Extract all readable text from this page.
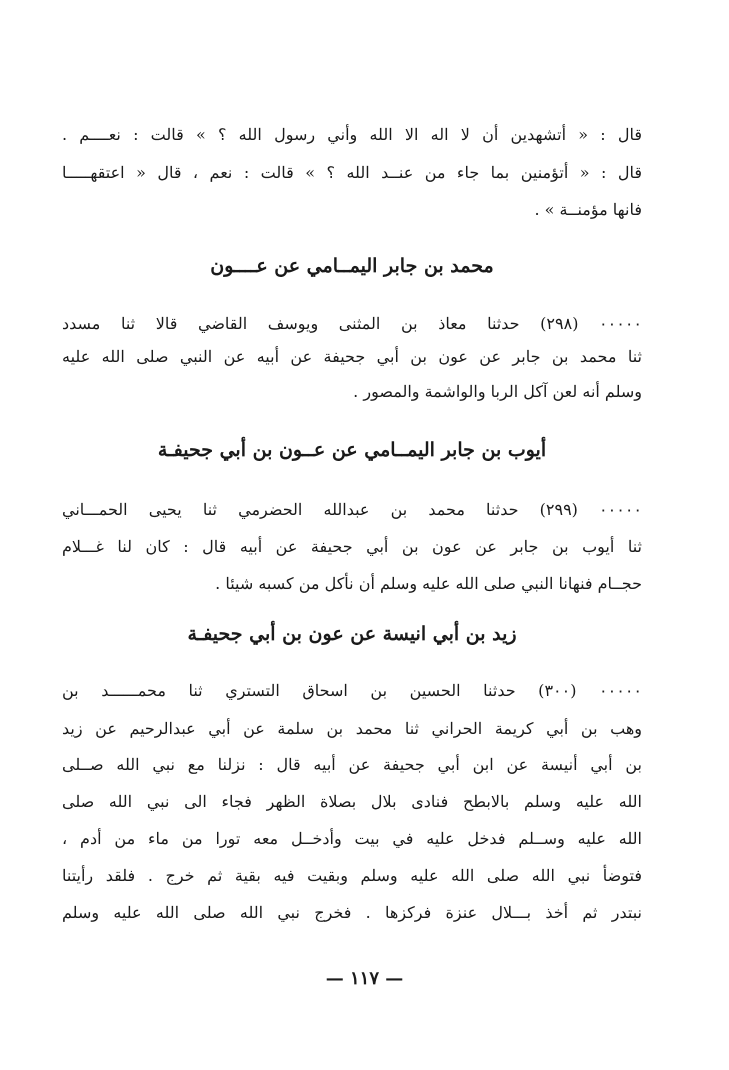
قال : « أتشهدين أن لا اله الا الله وأني رسول الله ؟ » قالت : نعــــم .
قال : « أتؤمنين بما جاء من عنــد الله ؟ » قالت : نعم ، قال « اعتقهـــــا
فانها مؤمنــة » .
محمد بن جابر اليمــامي عن عــــون
٠٠٠٠٠ (٢٩٨) حدثنا معاذ بن المثنى ويوسف القاضي قالا ثنا مسدد
ثنا محمد بن جابر عن عون بن أبي جحيفة عن أبيه عن النبي صلى الله عليه
وسلم أنه لعن آكل الربا والواشمة والمصور .
أيوب بن جابر اليمــامي عن عــون بن أبي جحيفـة
٠٠٠٠٠ (٢٩٩) حدثنا محمد بن عبدالله الحضرمي ثنا يحيى الحمـــاني
ثنا أيوب بن جابر عن عون بن أبي جحيفة عن أبيه قال : كان لنا غـــلام
حجــام فنهانا النبي صلى الله عليه وسلم أن نأكل من كسبه شيئا .
زيد بن أبي انيسة عن عون بن أبي جحيفـة
٠٠٠٠٠ (٣٠٠) حدثنا الحسين بن اسحاق التستري ثنا محمــــــد بن
وهب بن أبي كريمة الحراني ثنا محمد بن سلمة عن أبي عبدالرحيم عن زيد
بن أبي أنيسة عن ابن أبي جحيفة عن أبيه قال : نزلنا مع نبي الله صــلى
الله عليه وسلم بالابطح فنادى بلال بصلاة الظهر فجاء الى نبي الله صلى
الله عليه وســلم فدخل عليه في بيت وأدخــل معه تورا من ماء من أدم ،
فتوضأ نبي الله صلى الله عليه وسلم وبقيت فيه بقية ثم خرج . فلقد رأيتنا
نبتدر ثم أخذ بـــلال عنزة فركزها . فخرج نبي الله صلى الله عليه وسلم
— ١١٧ —
